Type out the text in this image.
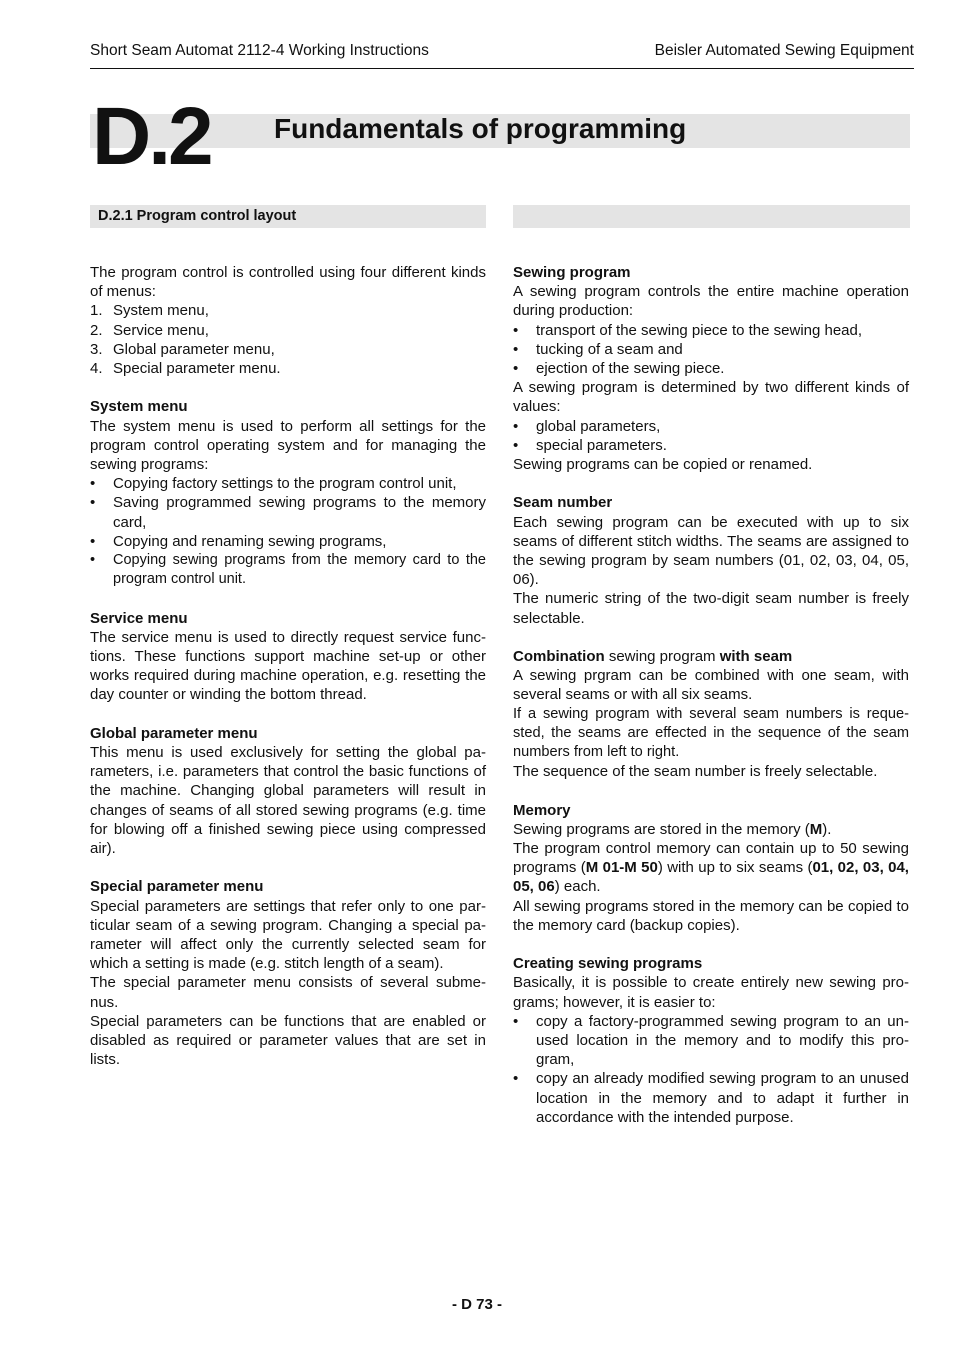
Short Seam Automat 2112-4 Working Instructions	Beisler Automated Sewing Equipment
D.2 Fundamentals of programming
D.2.1 Program control layout

The program control is controlled using four different kinds of menus:

1. System menu,
2. Service menu,
3. Global parameter menu,
4. Special parameter menu.
System menu

The system menu is used to perform all settings for the program control operating system and for managing the sewing programs:

• Copying factory settings to the program control unit,
• Saving programmed sewing programs to the memory card,
• Copying and renaming sewing programs,
• Copying sewing programs from the memory card to the program control unit.
Service menu

The service menu is used to directly request service functions. These functions support machine set-up or other works required during machine operation, e.g. resetting the day counter or winding the bottom thread.

Global parameter menu

This menu is used exclusively for setting the global parameters, i.e. parameters that control the basic functions of the machine. Changing global parameters will result in changes of seams of all stored sewing programs (e.g. time for blowing off a finished sewing piece using compressed air).

Special parameter menu

Special parameters are settings that refer only to one particular seam of a sewing program. Changing a special parameter will affect only the currently selected seam for which a setting is made (e.g. stitch length of a seam).

The special parameter menu consists of several submenus.

Special parameters can be functions that are enabled or disabled as required or parameter values that are set in lists.

Sewing program

A sewing program controls the entire machine operation during production:

• transport of the sewing piece to the sewing head,
• tucking of a seam and
• ejection of the sewing piece.

A sewing program is determined by two different kinds of values:

• global parameters,
• special parameters.

Sewing programs can be copied or renamed.

Seam number

Each sewing program can be executed with up to six seams of different stitch widths. The seams are assigned to the sewing program by seam numbers (01, 02, 03, 04, 05, 06).

The numeric string of the two-digit seam number is freely selectable.

Combination sewing program with seam

A sewing prgram can be combined with one seam, with several seams or with all six seams.

If a sewing program with several seam numbers is requested, the seams are effected in the sequence of the seam numbers from left to right.

The sequence of the seam number is freely selectable.

Memory

Sewing programs are stored in the memory (M).

The program control memory can contain up to 50 sewing programs (M 01-M 50) with up to six seams (01, 02, 03, 04, 05, 06) each.

All sewing programs stored in the memory can be copied to the memory card (backup copies).

Creating sewing programs

Basically, it is possible to create entirely new sewing programs; however, it is easier to:

• copy a factory-programmed sewing program to an unused location in the memory and to modify this program,
• copy an already modified sewing program to an unused location in the memory and to adapt it further in accordance with the intended purpose.
- D 73 -
